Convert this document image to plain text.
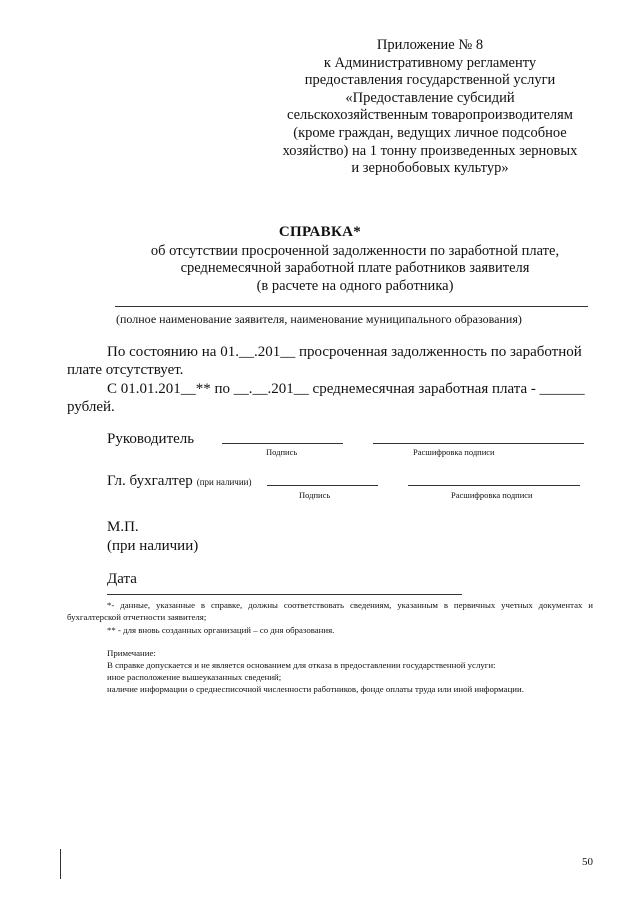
Приложение № 8
к Административному регламенту
предоставления государственной услуги
«Предоставление субсидий
сельскохозяйственным товаропроизводителям
(кроме граждан, ведущих личное подсобное
хозяйство) на 1 тонну произведенных зерновых
и зернобобовых культур»
СПРАВКА*
об отсутствии просроченной задолженности по заработной плате,
среднемесячной заработной плате работников заявителя
(в расчете на одного работника)
(полное наименование заявителя, наименование муниципального образования)
По состоянию на 01.__.201__ просроченная задолженность по заработной
плате отсутствует.
С 01.01.201__** по __.__.201__ среднемесячная заработная плата - ______
рублей.
Руководитель
Подпись	Расшифровка подписи
Гл. бухгалтер (при наличии)
Подпись	Расшифровка подписи
М.П.
(при наличии)
Дата
*- данные, указанные в справке, должны соответствовать сведениям, указанным в первичных учетных документах и бухгалтерской отчетности заявителя;
** - для вновь созданных организаций – со дня образования.
Примечание:
В справке допускается и не является основанием для отказа в предоставлении государственной услуги:
иное расположение вышеуказанных сведений;
наличие информации о среднесписочной численности работников, фонде оплаты труда или иной информации.
50
